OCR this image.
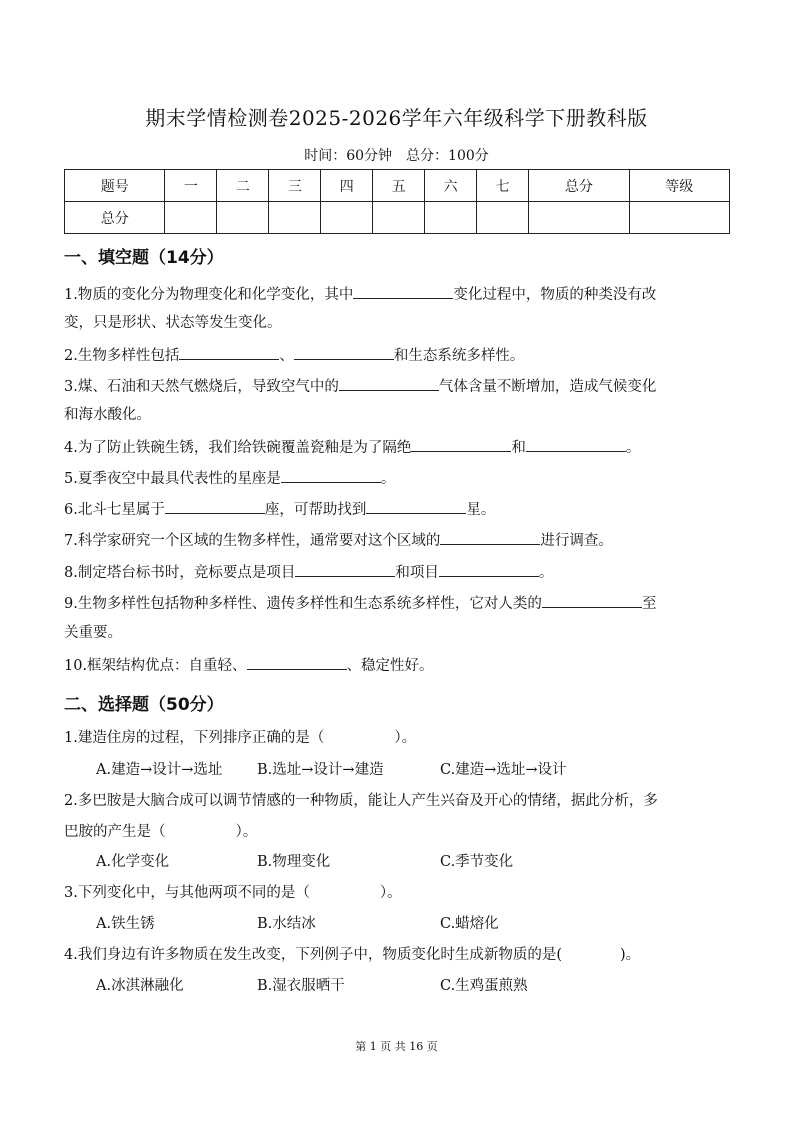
期末学情检测卷2025-2026学年六年级科学下册教科版
时间：60分钟　总分：100分
题号	一	二	三	四	五	六	七	总分	等级
总分									
一、填空题（14分）
1.物质的变化分为物理变化和化学变化，其中	变化过程中，物质的种类没有改
变，只是形状、状态等发生变化。
2.生物多样性包括	、	和生态系统多样性。
3.煤、石油和天然气燃烧后，导致空气中的	气体含量不断增加，造成气候变化
和海水酸化。
4.为了防止铁碗生锈，我们给铁碗覆盖瓷釉是为了隔绝	和	。
5.夏季夜空中最具代表性的星座是	。
6.北斗七星属于	座，可帮助找到	星。
7.科学家研究一个区域的生物多样性，通常要对这个区域的	进行调查。
8.制定塔台标书时，竞标要点是项目	和项目	。
9.生物多样性包括物种多样性、遗传多样性和生态系统多样性，它对人类的	至
关重要。
10.框架结构优点：自重轻、	、稳定性好。
二、选择题（50分）
1.建造住房的过程，下列排序正确的是（	）。
A.建造→设计→选址 B.选址→设计→建造	C.建造→选址→设计
2.多巴胺是大脑合成可以调节情感的一种物质，能让人产生兴奋及开心的情绪，据此分析，多
巴胺的产生是（	）。
A.化学变化	B.物理变化	C.季节变化
3.下列变化中，与其他两项不同的是（	）。
A.铁生锈	B.水结冰	C.蜡熔化
4.我们身边有许多物质在发生改变，下列例子中，物质变化时生成新物质的是(	)。
A.冰淇淋融化	B.湿衣服晒干	C.生鸡蛋煎熟
第 1 页 共 16 页
